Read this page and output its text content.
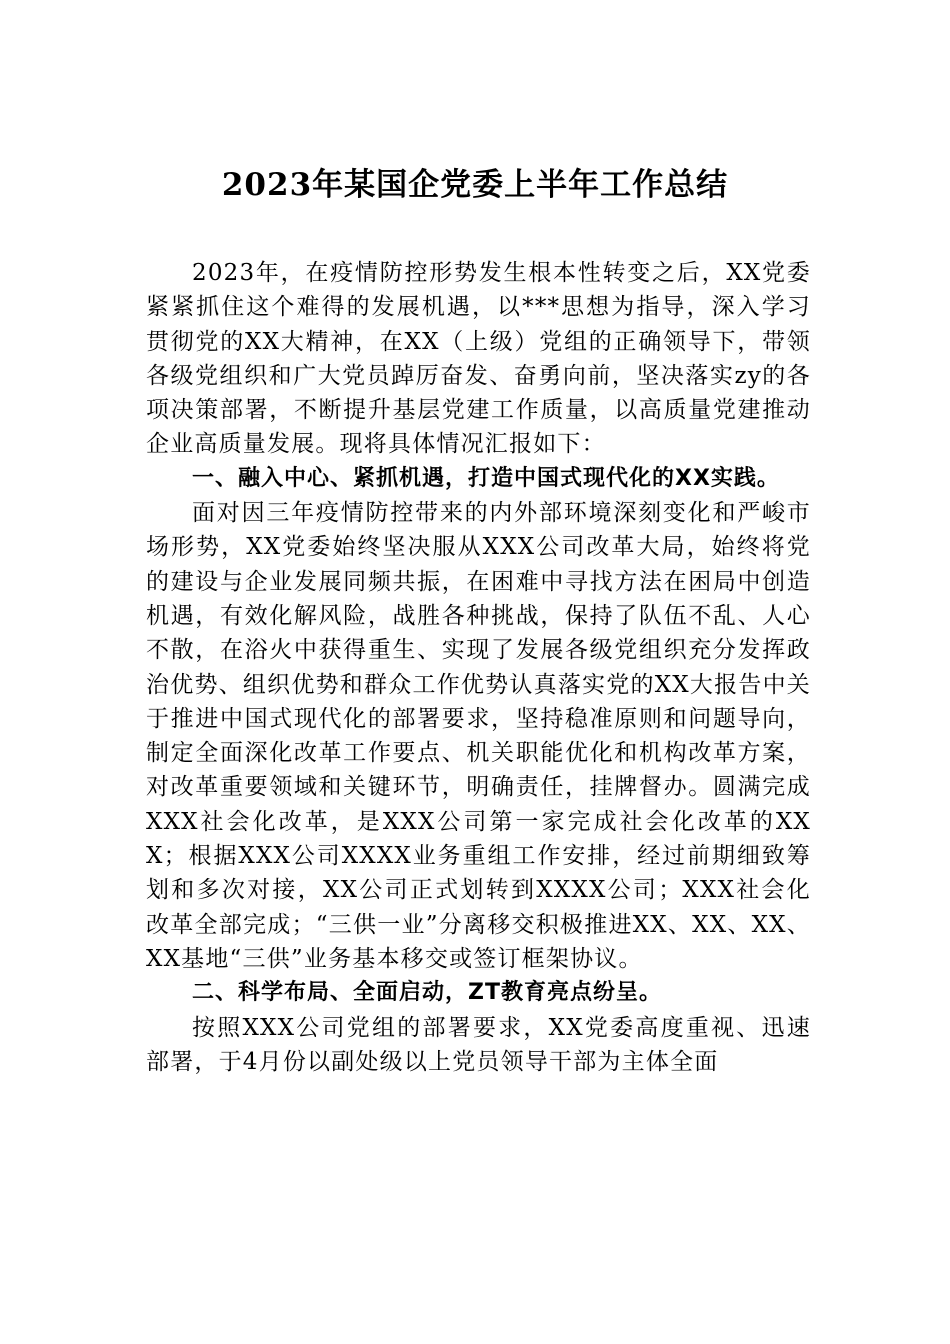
2023年某国企党委上半年工作总结

2023年，在疫情防控形势发生根本性转变之后，XX党委紧紧抓住这个难得的发展机遇，以***思想为指导，深入学习贯彻党的XX大精神，在XX（上级）党组的正确领导下，带领各级党组织和广大党员踔厉奋发、奋勇向前，坚决落实zy的各项决策部署，不断提升基层党建工作质量，以高质量党建推动企业高质量发展。现将具体情况汇报如下：

一、融入中心、紧抓机遇，打造中国式现代化的XX实践。

面对因三年疫情防控带来的内外部环境深刻变化和严峻市场形势，XX党委始终坚决服从XXX公司改革大局，始终将党的建设与企业发展同频共振，在困难中寻找方法在困局中创造机遇，有效化解风险，战胜各种挑战，保持了队伍不乱、人心不散，在浴火中获得重生、实现了发展各级党组织充分发挥政治优势、组织优势和群众工作优势认真落实党的XX大报告中关于推进中国式现代化的部署要求，坚持稳准原则和问题导向，制定全面深化改革工作要点、机关职能优化和机构改革方案，对改革重要领域和关键环节，明确责任，挂牌督办。圆满完成XXX社会化改革，是XXX公司第一家完成社会化改革的XXX；根据XXX公司XXXX业务重组工作安排，经过前期细致筹划和多次对接，XX公司正式划转到XXXX公司；XXX社会化改革全部完成；“三供一业”分离移交积极推进XX、XX、XX、XX基地“三供”业务基本移交或签订框架协议。

二、科学布局、全面启动，ZT教育亮点纷呈。

按照XXX公司党组的部署要求，XX党委高度重视、迅速部署，于4月份以副处级以上党员领导干部为主体全面
